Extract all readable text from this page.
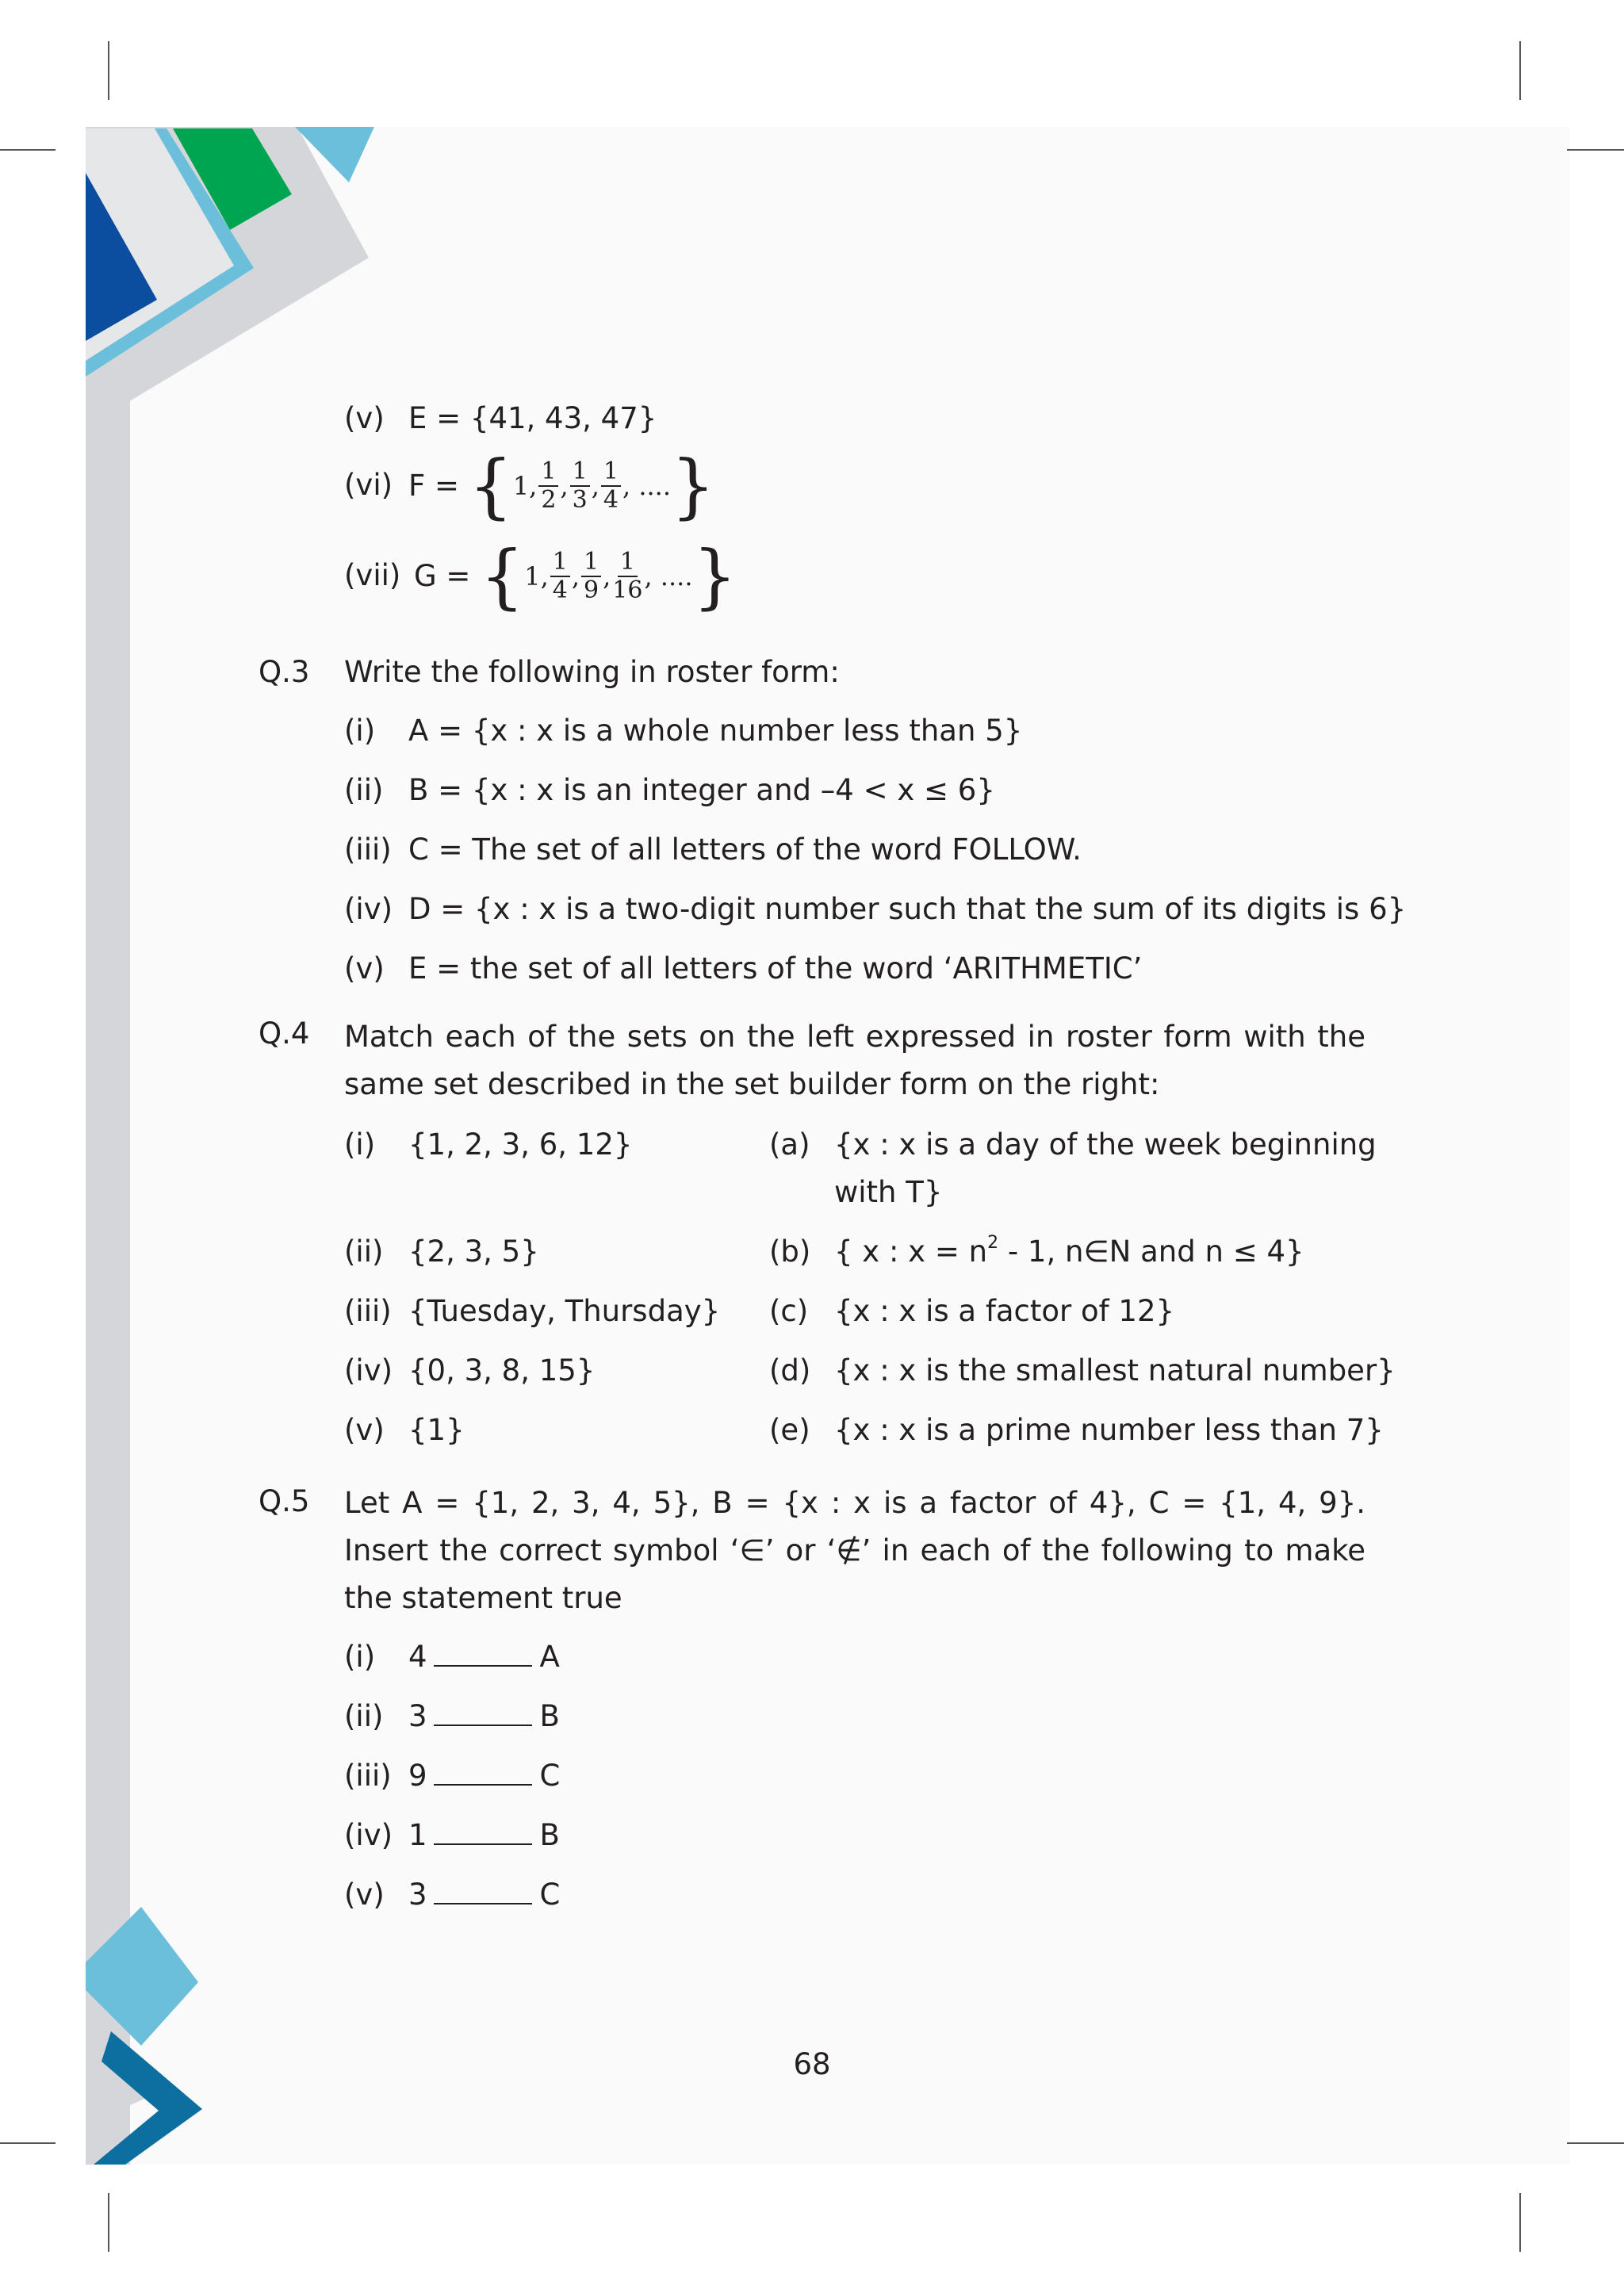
(v) E = {41, 43, 47}
(vi) F = { 1, $\frac{1}{2}$ , $\frac{1}{3}$ , $\frac{1}{4}$ , .... }
(vii) G = { 1, $\frac{1}{4}$ , $\frac{1}{9}$ , $\frac{1}{16}$ , .... }
Q.3 Write the following in roster form:
(i) A = {x : x is a whole number less than 5}
(ii) B = {x : x is an integer and –4 < x ≤ 6}
(iii) C = The set of all letters of the word FOLLOW.
(iv) D = {x : x is a two-digit number such that the sum of its digits is 6}
(v) E = the set of all letters of the word ‘ARITHMETIC’
Q.4 Match each of the sets on the left expressed in roster form with the same set described in the set builder form on the right:
(i) {1, 2, 3, 6, 12}	(a) {x : x is a day of the week beginning
with T}
(ii) {2, 3, 5}	(b) { x : $x = n^2 - 1$, n∈N and n ≤ 4}
(iii) {Tuesday, Thursday} (c) {x : x is a factor of 12}
(iv) {0, 3, 8, 15}	(d) {x : x is the smallest natural number}
(v) {1}	(e) {x : x is a prime number less than 7}
Q.5 Let A = {1, 2, 3, 4, 5}, B = {x : x is a factor of 4}, C = {1, 4, 9}. Insert the correct symbol ‘∈’ or ‘∉’ in each of the following to make the statement true
(i) 4	A
(ii) 3	B
(iii) 9	C
(iv) 1	B
(v) 3	C
68
